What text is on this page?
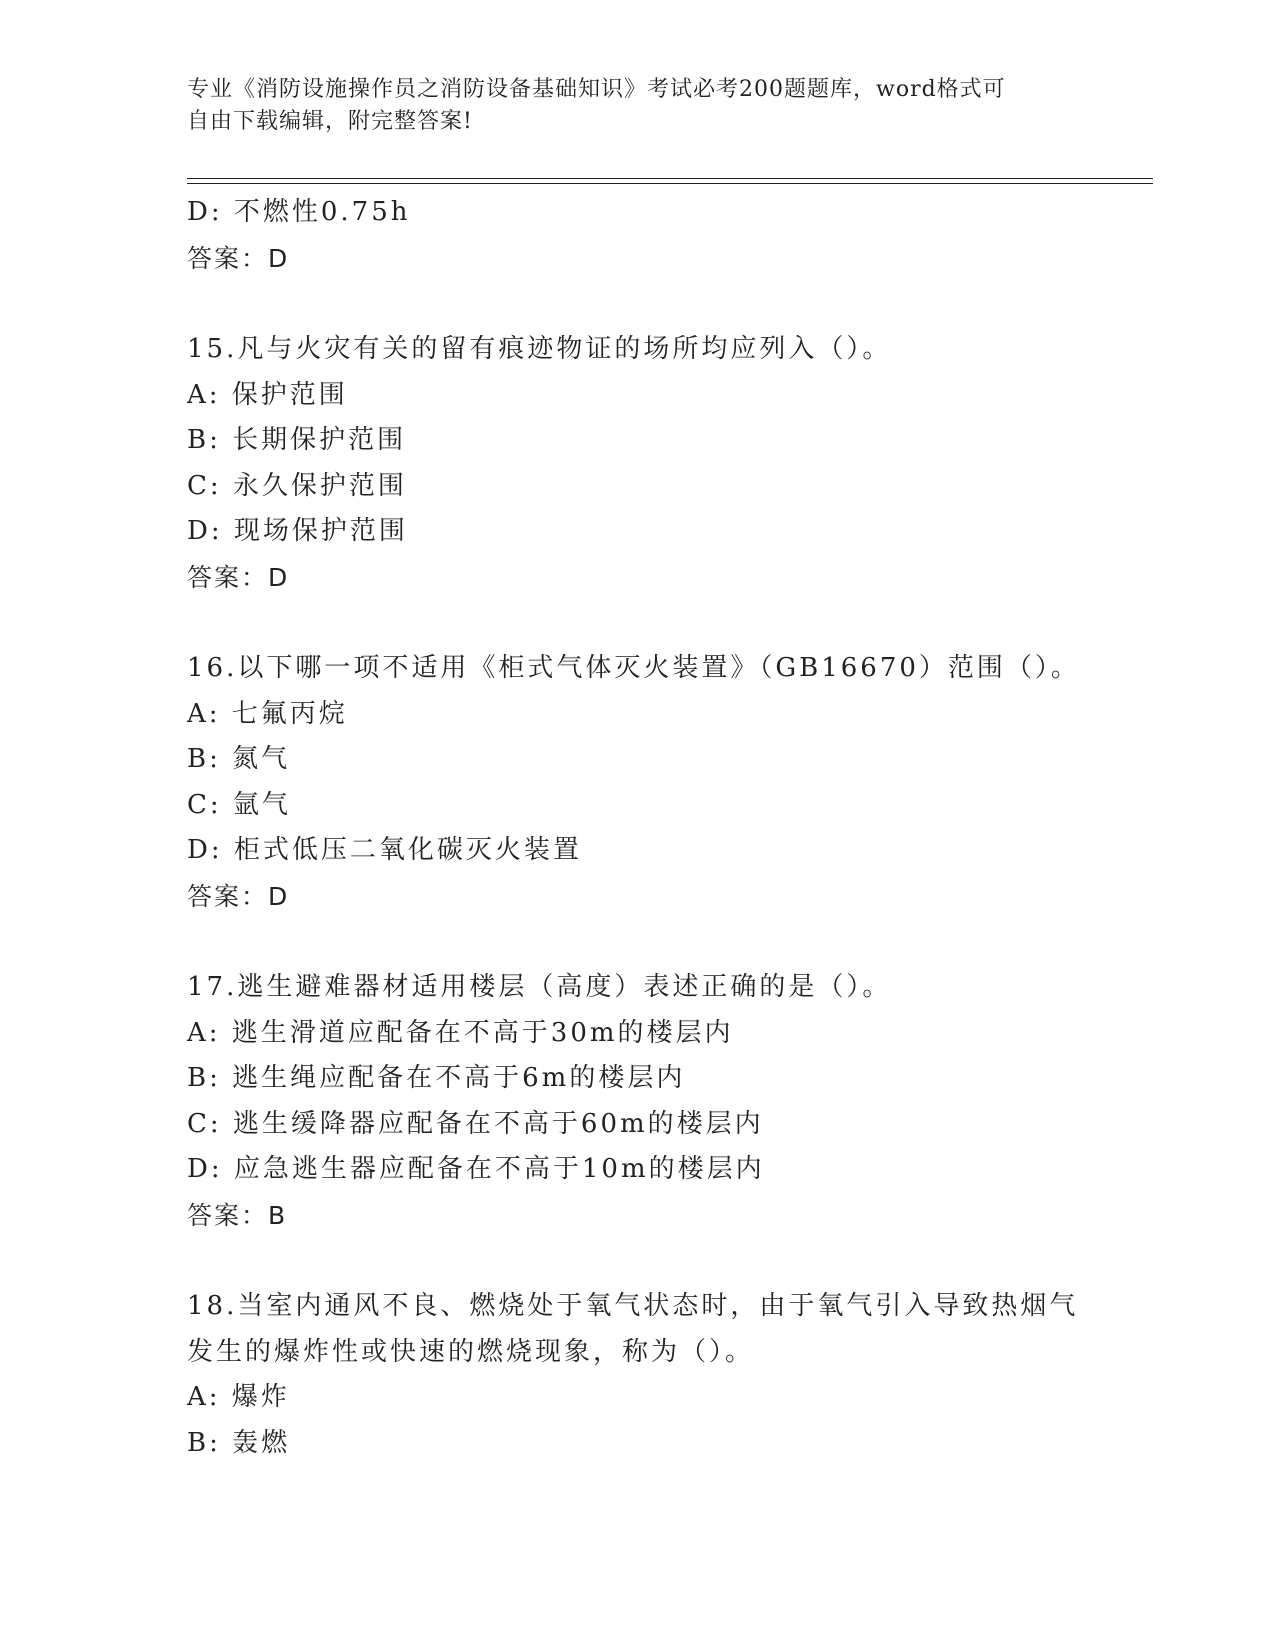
专业《消防设施操作员之消防设备基础知识》考试必考200题题库，word格式可
自由下载编辑，附完整答案!
D: 不燃性0.75h
答案：D
15.凡与火灾有关的留有痕迹物证的场所均应列入（）。
A: 保护范围
B: 长期保护范围
C: 永久保护范围
D: 现场保护范围
答案：D
16.以下哪一项不适用《柜式气体灭火装置》（GB16670）范围（）。
A: 七氟丙烷
B: 氮气
C: 氩气
D: 柜式低压二氧化碳灭火装置
答案：D
17.逃生避难器材适用楼层（高度）表述正确的是（）。
A: 逃生滑道应配备在不高于30m的楼层内
B: 逃生绳应配备在不高于6m的楼层内
C: 逃生缓降器应配备在不高于60m的楼层内
D: 应急逃生器应配备在不高于10m的楼层内
答案：B
18.当室内通风不良、燃烧处于氧气状态时，由于氧气引入导致热烟气
发生的爆炸性或快速的燃烧现象，称为（）。
A: 爆炸
B: 轰燃
